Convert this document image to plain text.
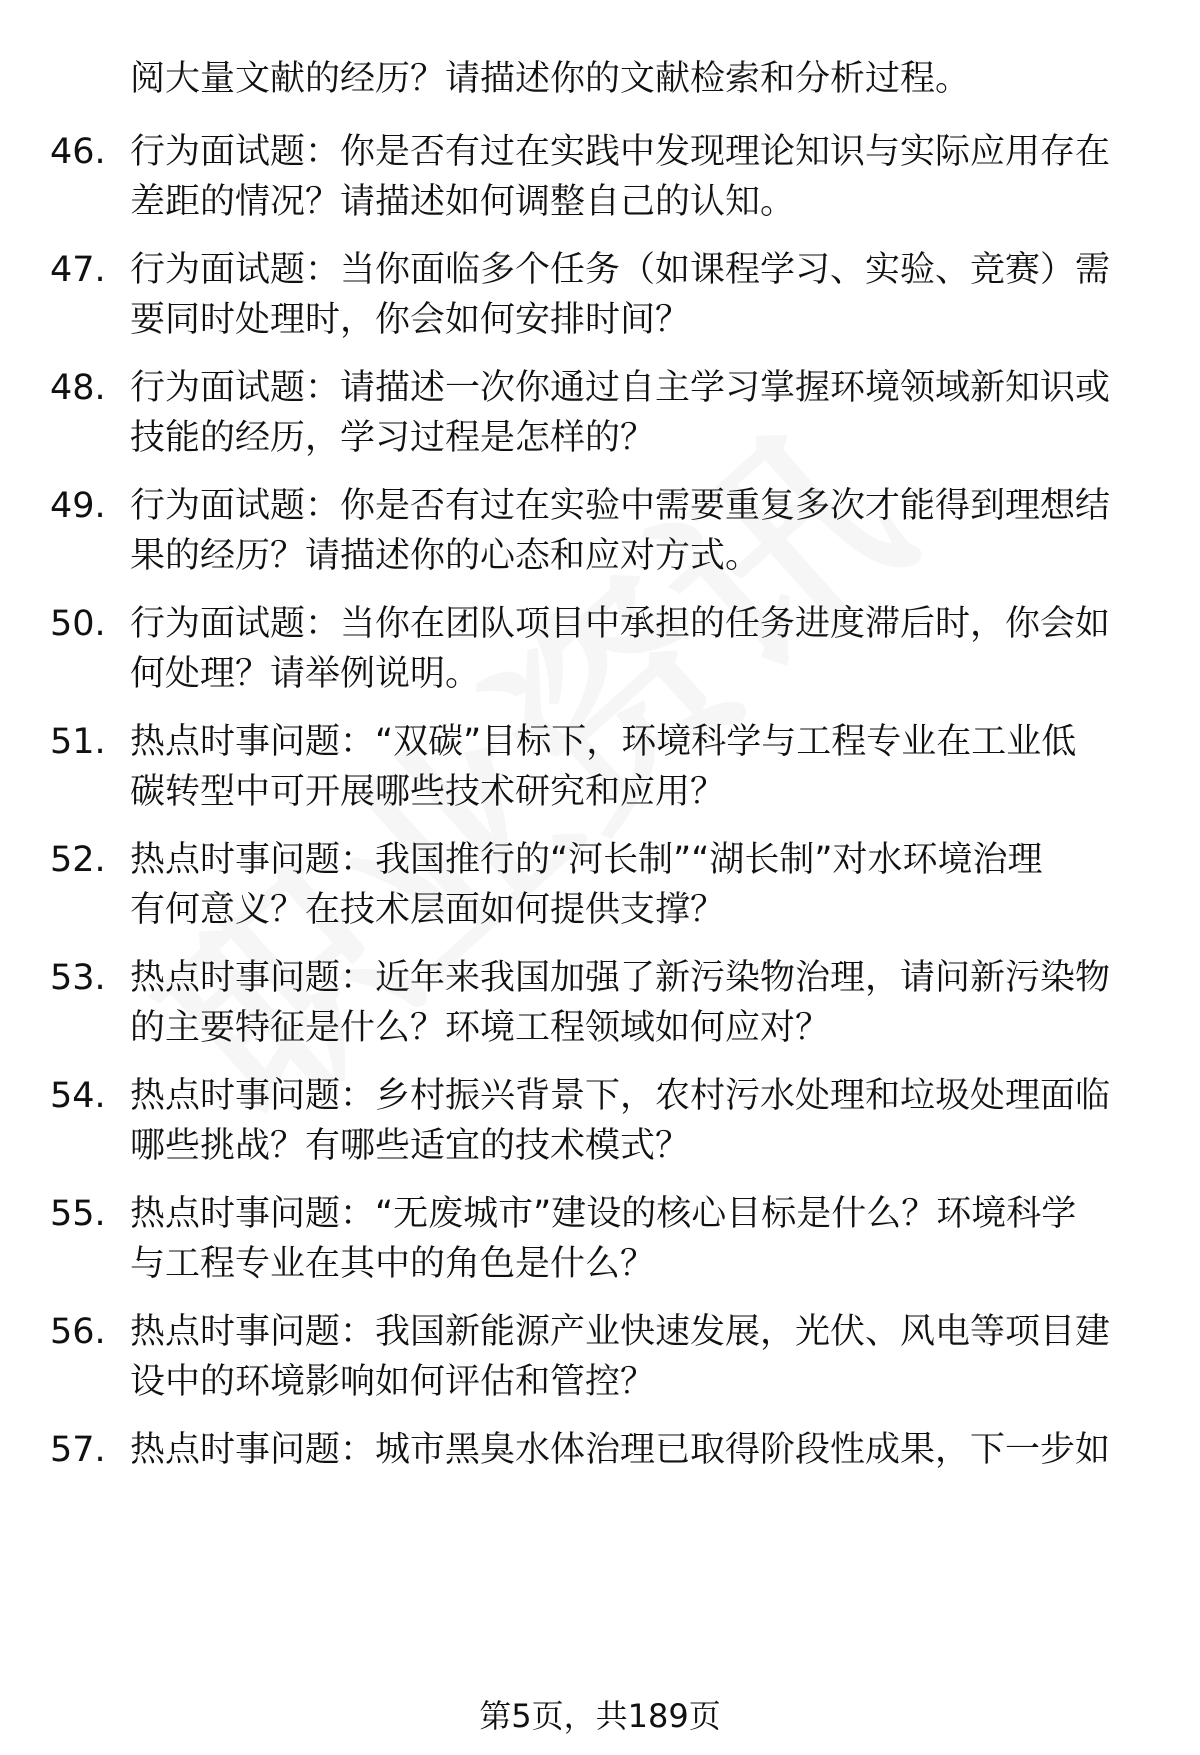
阅大量文献的经历？请描述你的文献检索和分析过程。
46. 行为面试题：你是否有过在实践中发现理论知识与实际应用存在
差距的情况？请描述如何调整自己的认知。
47. 行为面试题：当你面临多个任务（如课程学习、实验、竞赛）需
要同时处理时，你会如何安排时间？
48. 行为面试题：请描述一次你通过自主学习掌握环境领域新知识或
技能的经历，学习过程是怎样的？
49. 行为面试题：你是否有过在实验中需要重复多次才能得到理想结
果的经历？请描述你的心态和应对方式。
50. 行为面试题：当你在团队项目中承担的任务进度滞后时，你会如
何处理？请举例说明。
51. 热点时事问题：“双碳”目标下，环境科学与工程专业在工业低
碳转型中可开展哪些技术研究和应用？
52. 热点时事问题：我国推行的“河长制”“湖长制”对水环境治理
有何意义？在技术层面如何提供支撑？
53. 热点时事问题：近年来我国加强了新污染物治理，请问新污染物
的主要特征是什么？环境工程领域如何应对？
54. 热点时事问题：乡村振兴背景下，农村污水处理和垃圾处理面临
哪些挑战？有哪些适宜的技术模式？
55. 热点时事问题：“无废城市”建设的核心目标是什么？环境科学
与工程专业在其中的角色是什么？
56. 热点时事问题：我国新能源产业快速发展，光伏、风电等项目建
设中的环境影响如何评估和管控？
57. 热点时事问题：城市黑臭水体治理已取得阶段性成果，下一步如
第5页，共189页
